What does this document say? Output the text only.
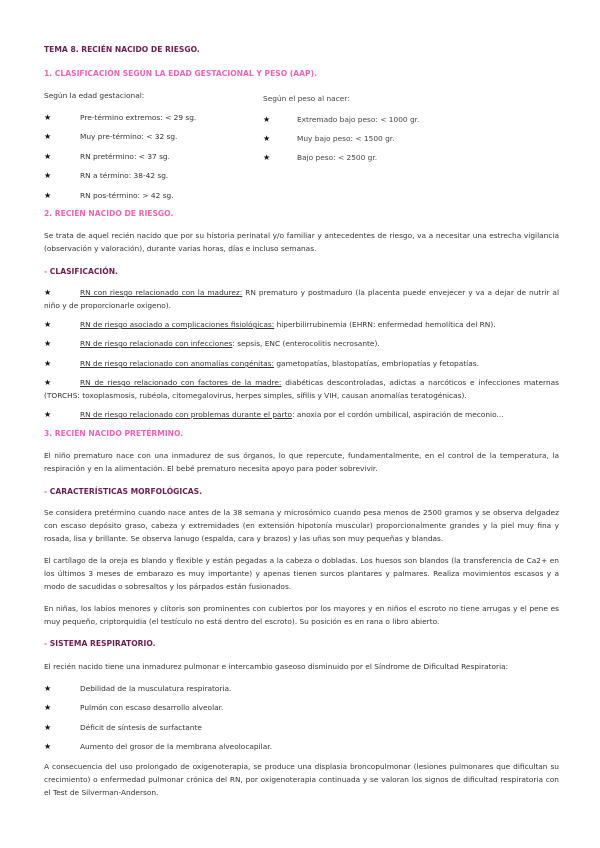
TEMA 8. RECIÉN NACIDO DE RIESGO.
1. CLASIFICACIÓN SEGÚN LA EDAD GESTACIONAL Y PESO (AAP).
Según la edad gestacional:	Según el peso al nacer:
★	Pre-término extremos: < 29 sg.
★	Muy pre-término: < 32 sg.
★	RN pretérmino: < 37 sg.
★	RN a término: 38-42 sg.
★	RN pos-término: > 42 sg.
★	Extremado bajo peso: < 1000 gr.
★	Muy bajo peso: < 1500 gr.
★	Bajo peso: < 2500 gr.
2. RECIÉN NACIDO DE RIESGO.
Se trata de aquel recién nacido que por su historia perinatal y/o familiar y antecedentes de riesgo, va a necesitar una estrecha vigilancia (observación y valoración), durante varias horas, días e incluso semanas.
- CLASIFICACIÓN.
★	RN con riesgo relacionado con la madurez: RN prematuro y postmaduro (la placenta puede envejecer y va a dejar de nutrir al niño y de proporcionarle oxígeno).
★	RN de riesgo asociado a complicaciones fisiológicas: hiperbilirrubinemia (EHRN: enfermedad hemolítica del RN).
★	RN de riesgo relacionado con infecciones: sepsis, ENC (enterocolitis necrosante).
★	RN de riesgo relacionado con anomalías congénitas: gametopatías, blastopatías, embriopatías y fetopatías.
★	RN de riesgo relacionado con factores de la madre: diabéticas descontroladas, adictas a narcóticos e infecciones maternas (TORCHS: toxoplasmosis, rubéola, citomegalovirus, herpes simples, sífilis y VIH, causan anomalías teratogénicas).
★	RN de riesgo relacionado con problemas durante el parto: anoxia por el cordón umbilical, aspiración de meconio...
3. RECIÉN NACIDO PRETÉRMINO.
El niño prematuro nace con una inmadurez de sus órganos, lo que repercute, fundamentalmente, en el control de la temperatura, la respiración y en la alimentación. El bebé prematuro necesita apoyo para poder sobrevivir.
- CARACTERÍSTICAS MORFOLÓGICAS.
Se considera pretérmino cuando nace antes de la 38 semana y microsómico cuando pesa menos de 2500 gramos y se observa delgadez con escaso depósito graso, cabeza y extremidades (en extensión hipotonía muscular) proporcionalmente grandes y la piel muy fina y rosada, lisa y brillante. Se observa lanugo (espalda, cara y brazos) y las uñas son muy pequeñas y blandas.
El cartílago de la oreja es blando y flexible y están pegadas a la cabeza o dobladas. Los huesos son blandos (la transferencia de Ca2+ en los últimos 3 meses de embarazo es muy importante) y apenas tienen surcos plantares y palmares. Realiza movimientos escasos y a modo de sacudidas o sobresaltos y los párpados están fusionados.
En niñas, los labios menores y clítoris son prominentes con cubiertos por los mayores y en niños el escroto no tiene arrugas y el pene es muy pequeño, criptorquidia (el testículo no está dentro del escroto). Su posición es en rana o libro abierto.
- SISTEMA RESPIRATORIO.
El recién nacido tiene una inmadurez pulmonar e intercambio gaseoso disminuido por el Síndrome de Dificultad Respiratoria:
★	Debilidad de la musculatura respiratoria.
★	Pulmón con escaso desarrollo alveolar.
★	Déficit de síntesis de surfactante
★	Aumento del grosor de la membrana alveolocapilar.
A consecuencia del uso prolongado de oxigenoterapia, se produce una displasia broncopulmonar (lesiones pulmonares que dificultan su crecimiento) o enfermedad pulmonar crónica del RN, por oxigenoterapia continuada y se valoran los signos de dificultad respiratoria con el Test de Silverman-Anderson.
